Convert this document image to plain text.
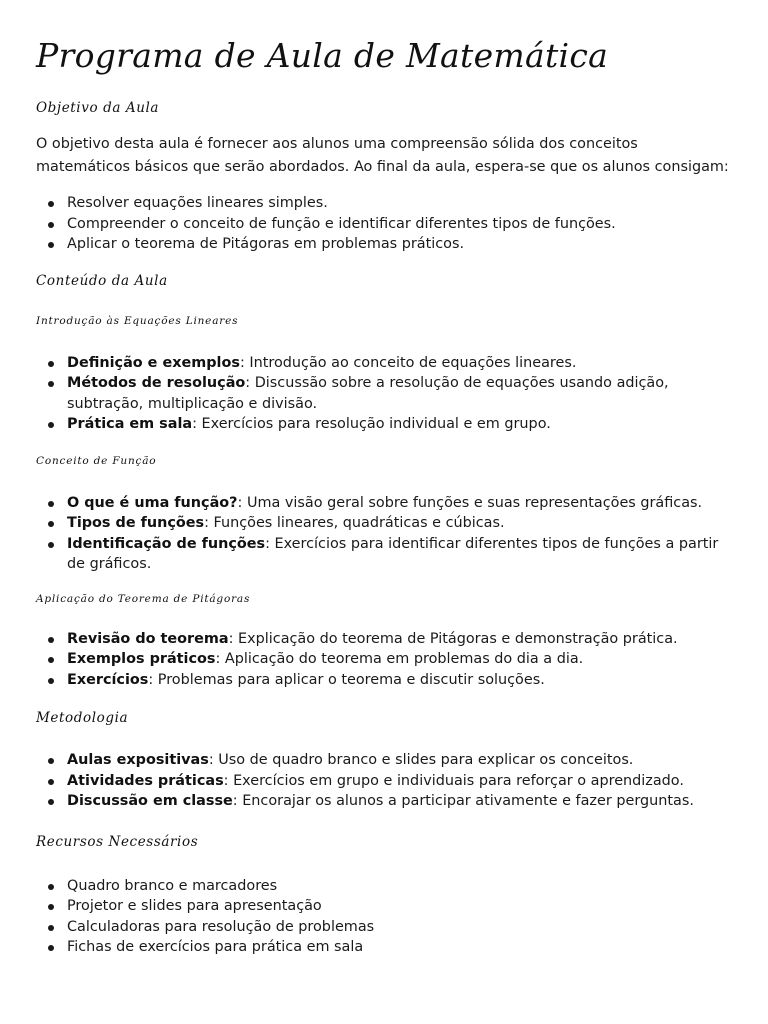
Programa de Aula de Matemática
Objetivo da Aula

O objetivo desta aula é fornecer aos alunos uma compreensão sólida dos conceitos matemáticos básicos que serão abordados. Ao final da aula, espera-se que os alunos consigam:

Resolver equações lineares simples.
Compreender o conceito de função e identificar diferentes tipos de funções.
Aplicar o teorema de Pitágoras em problemas práticos.
Conteúdo da Aula
Introdução às Equações Lineares
Definição e exemplos: Introdução ao conceito de equações lineares.
Métodos de resolução: Discussão sobre a resolução de equações usando adição, subtração, multiplicação e divisão.
Prática em sala: Exercícios para resolução individual e em grupo.
Conceito de Função
O que é uma função?: Uma visão geral sobre funções e suas representações gráficas.
Tipos de funções: Funções lineares, quadráticas e cúbicas.
Identificação de funções: Exercícios para identificar diferentes tipos de funções a partir de gráficos.
Aplicação do Teorema de Pitágoras
Revisão do teorema: Explicação do teorema de Pitágoras e demonstração prática.
Exemplos práticos: Aplicação do teorema em problemas do dia a dia.
Exercícios: Problemas para aplicar o teorema e discutir soluções.
Metodologia
Aulas expositivas: Uso de quadro branco e slides para explicar os conceitos.
Atividades práticas: Exercícios em grupo e individuais para reforçar o aprendizado.
Discussão em classe: Encorajar os alunos a participar ativamente e fazer perguntas.
Recursos Necessários
Quadro branco e marcadores
Projetor e slides para apresentação
Calculadoras para resolução de problemas
Fichas de exercícios para prática em sala
